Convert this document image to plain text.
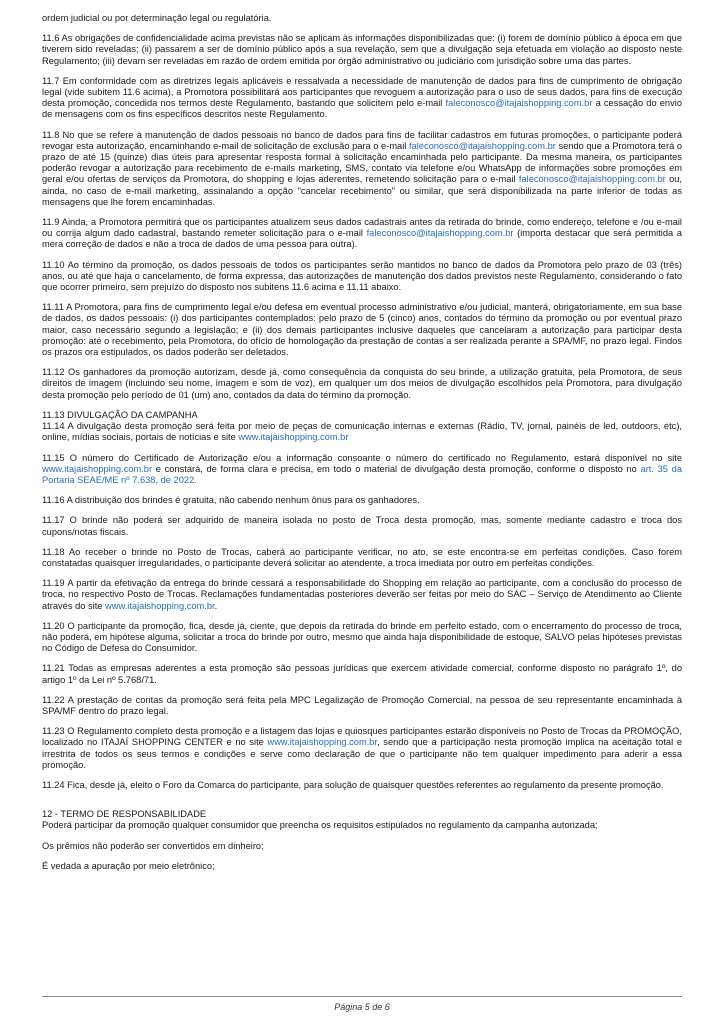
ordem judicial ou por determinação legal ou regulatória.

11.6 As obrigações de confidencialidade acima previstas não se aplicam às informações disponibilizadas que: (i) forem de domínio público à época em que tiverem sido reveladas; (ii) passarem a ser de domínio público após a sua revelação, sem que a divulgação seja efetuada em violação ao disposto neste Regulamento; (iii) devam ser reveladas em razão de ordem emitida por órgão administrativo ou judiciário com jurisdição sobre uma das partes.

11.7 Em conformidade com as diretrizes legais aplicáveis e ressalvada a necessidade de manutenção de dados para fins de cumprimento de obrigação legal (vide subitem 11.6 acima), a Promotora possibilitará aos participantes que revoguem a autorização para o uso de seus dados, para fins de execução desta promoção, concedida nos termos deste Regulamento, bastando que solicitem pelo e-mail faleconosco@itajaishopping.com.br a cessação do envio de mensagens com os fins específicos descritos neste Regulamento.

11.8 No que se refere à manutenção de dados pessoais no banco de dados para fins de facilitar cadastros em futuras promoções, o participante poderá revogar esta autorização, encaminhando e-mail de solicitação de exclusão para o e-mail faleconosco@itajaishopping.com.br sendo que a Promotora terá o prazo de até 15 (quinze) dias úteis para apresentar resposta formal à solicitação encaminhada pelo participante. Da mesma maneira, os participantes poderão revogar a autorização para recebimento de e-mails marketing, SMS, contato via telefone e/ou WhatsApp de informações sobre promoções em geral e/ou ofertas de serviços da Promotora, do shopping e lojas aderentes, remetendo solicitação para o e-mail faleconosco@itajaishopping.com.br ou, ainda, no caso de e-mail marketing, assinalando a opção "cancelar recebimento" ou similar, que será disponibilizada na parte inferior de todas as mensagens que lhe forem encaminhadas.

11.9 Ainda, a Promotora permitirá que os participantes atualizem seus dados cadastrais antes da retirada do brinde, como endereço, telefone e /ou e-mail ou corrija algum dado cadastral, bastando remeter solicitação para o e-mail faleconosco@itajaishopping.com.br (importa destacar que será permitida a mera correção de dados e não a troca de dados de uma pessoa para outra).

11.10 Ao término da promoção, os dados pessoais de todos os participantes serão mantidos no banco de dados da Promotora pelo prazo de 03 (três) anos, ou até que haja o cancelamento, de forma expressa, das autorizações de manutenção dos dados previstos neste Regulamento, considerando o fato que ocorrer primeiro, sem prejuízo do disposto nos subitens 11.6 acima e 11.11 abaixo.

11.11 A Promotora, para fins de cumprimento legal e/ou defesa em eventual processo administrativo e/ou judicial, manterá, obrigatoriamente, em sua base de dados, os dados pessoais: (i) dos participantes contemplados: pelo prazo de 5 (cinco) anos, contados do término da promoção ou por eventual prazo maior, caso necessário segundo a legislação; e (ii) dos demais participantes inclusive daqueles que cancelaram a autorização para participar desta promoção: até o recebimento, pela Promotora, do ofício de homologação da prestação de contas a ser realizada perante a SPA/MF, no prazo legal. Findos os prazos ora estipulados, os dados poderão ser deletados.

11.12 Os ganhadores da promoção autorizam, desde já, como consequência da conquista do seu brinde, a utilização gratuita, pela Promotora, de seus direitos de imagem (incluindo seu nome, imagem e som de voz), em qualquer um dos meios de divulgação escolhidos pela Promotora, para divulgação desta promoção pelo período de 01 (um) ano, contados da data do término da promoção.

11.13 DIVULGAÇÃO DA CAMPANHA

11.14 A divulgação desta promoção será feita por meio de peças de comunicação internas e externas (Rádio, TV, jornal, painéis de led, outdoors, etc), online, mídias sociais, portais de notícias e site www.itajaishopping.com.br

11.15 O número do Certificado de Autorização e/ou a informação consoante o número do certificado no Regulamento, estará disponível no site www.itajaishopping.com.br e constará, de forma clara e precisa, em todo o material de divulgação desta promoção, conforme o disposto no art. 35 da Portaria SEAE/ME nº 7.638, de 2022.

11.16 A distribuição dos brindes é gratuita, não cabendo nenhum ônus para os ganhadores.

11.17 O brinde não poderá ser adquirido de maneira isolada no posto de Troca desta promoção, mas, somente mediante cadastro e troca dos cupons/notas fiscais.

11.18 Ao receber o brinde no Posto de Trocas, caberá ao participante verificar, no ato, se este encontra-se em perfeitas condições. Caso forem constatadas quaisquer irregularidades, o participante deverá solicitar ao atendente, a troca imediata por outro em perfeitas condições.

11.19 A partir da efetivação da entrega do brinde cessará a responsabilidade do Shopping em relação ao participante, com a conclusão do processo de troca, no respectivo Posto de Trocas. Reclamações fundamentadas posteriores deverão ser feitas por meio do SAC – Serviço de Atendimento ao Cliente através do site www.itajaishopping.com.br.

11.20 O participante da promoção, fica, desde já, ciente, que depois da retirada do brinde em perfeito estado, com o encerramento do processo de troca, não poderá, em hipótese alguma, solicitar a troca do brinde por outro, mesmo que ainda haja disponibilidade de estoque, SALVO pelas hipóteses previstas no Código de Defesa do Consumidor.

11.21 Todas as empresas aderentes a esta promoção são pessoas jurídicas que exercem atividade comercial, conforme disposto no parágrafo 1º, do artigo 1º da Lei nº 5.768/71.

11.22 A prestação de contas da promoção será feita pela MPC Legalização de Promoção Comercial, na pessoa de seu representante encaminhada à SPA/MF dentro do prazo legal.

11.23 O Regulamento completo desta promoção e a listagem das lojas e quiosques participantes estarão disponíveis no Posto de Trocas da PROMOÇÃO, localizado no ITAJAÍ SHOPPING CENTER e no site www.itajaishopping.com.br, sendo que a participação nesta promoção implica na aceitação total e irrestrita de todos os seus termos e condições e serve como declaração de que o participante não tem qualquer impedimento para aderir a essa promoção.

11.24 Fica, desde já, eleito o Foro da Comarca do participante, para solução de quaisquer questões referentes ao regulamento da presente promoção.

12 - TERMO DE RESPONSABILIDADE

Poderá participar da promoção qualquer consumidor que preencha os requisitos estipulados no regulamento da campanha autorizada;

Os prêmios não poderão ser convertidos em dinheiro;

É vedada a apuração por meio eletrônico;

Página 5 de 6
